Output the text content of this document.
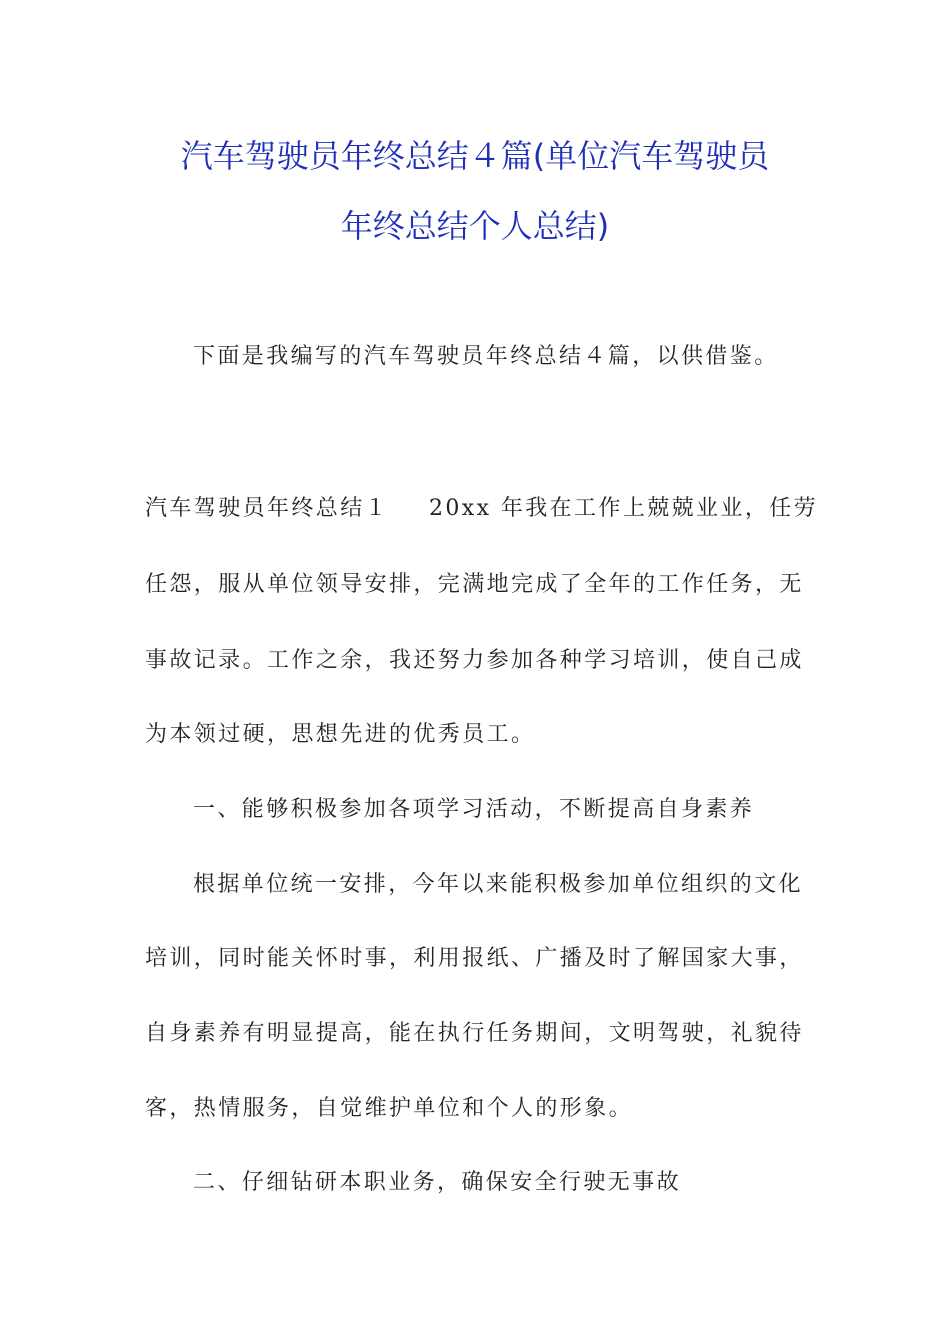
汽车驾驶员年终总结４篇(单位汽车驾驶员
年终总结个人总结)
下面是我编写的汽车驾驶员年终总结４篇，以供借鉴。
汽车驾驶员年终总结１ 20xx 年我在工作上兢兢业业，任劳
任怨，服从单位领导安排，完满地完成了全年的工作任务，无
事故记录。工作之余，我还努力参加各种学习培训，使自己成
为本领过硬，思想先进的优秀员工。
一、能够积极参加各项学习活动，不断提高自身素养
根据单位统一安排，今年以来能积极参加单位组织的文化
培训，同时能关怀时事，利用报纸、广播及时了解国家大事，
自身素养有明显提高，能在执行任务期间，文明驾驶，礼貌待
客，热情服务，自觉维护单位和个人的形象。
二、仔细钻研本职业务，确保安全行驶无事故
